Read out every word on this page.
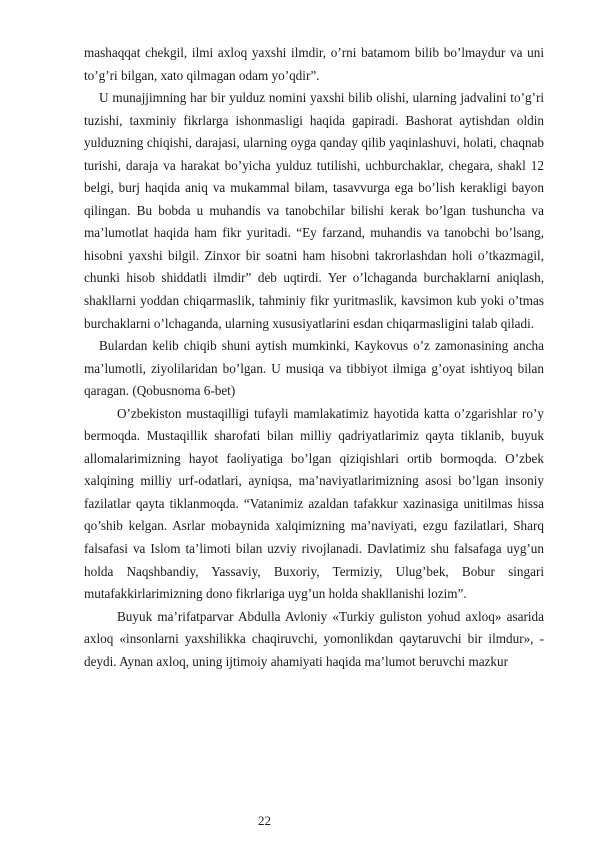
mashaqqat chekgil, ilmi axloq yaxshi ilmdir, o’rni batamom bilib bo’lmaydur va uni to’g’ri bilgan, xato qilmagan odam yo’qdir”.

U munajjimning har bir yulduz nomini yaxshi bilib olishi, ularning jadvalini to’g’ri tuzishi, taxminiy fikrlarga ishonmasligi haqida gapiradi. Bashorat aytishdan oldin yulduzning chiqishi, darajasi, ularning oyga qanday qilib yaqinlashuvi, holati, chaqnab turishi, daraja va harakat bo’yicha yulduz tutilishi, uchburchaklar, chegara, shakl 12 belgi, burj haqida aniq va mukammal bilam, tasavvurga ega bo’lish kerakligi bayon qilingan. Bu bobda u muhandis va tanobchilar bilishi kerak bo’lgan tushuncha va ma’lumotlat haqida ham fikr yuritadi. “Ey farzand, muhandis va tanobchi bo’lsang, hisobni yaxshi bilgil. Zinxor bir soatni ham hisobni takrorlashdan holi o’tkazmagil, chunki hisob shiddatli ilmdir” deb uqtirdi. Yer o’lchaganda burchaklarni aniqlash, shakllarni yoddan chiqarmaslik, tahminiy fikr yuritmaslik, kavsimon kub yoki o’tmas burchaklarni o’lchaganda, ularning xususiyatlarini esdan chiqarmasligini talab qiladi.

Bulardan kelib chiqib shuni aytish mumkinki, Kaykovus o’z zamonasining ancha ma’lumotli, ziyolilaridan bo’lgan. U musiqa va tibbiyot ilmiga g’oyat ishtiyoq bilan qaragan. (Qobusnoma 6-bet)

O’zbekiston mustaqilligi tufayli mamlakatimiz hayotida katta o’zgarishlar ro’y bermoqda. Mustaqillik sharofati bilan milliy qadriyatlarimiz qayta tiklanib, buyuk allomalarimizning hayot faoliyatiga bo’lgan qiziqishlari ortib bormoqda. O’zbek xalqining milliy urf-odatlari, ayniqsa, ma’naviyatlarimizning asosi bo’lgan insoniy fazilatlar qayta tiklanmoqda. “Vatanimiz azaldan tafakkur xazinasiga unitilmas hissa qo’shib kelgan. Asrlar mobaynida xalqimizning ma’naviyati, ezgu fazilatlari, Sharq falsafasi va Islom ta’limoti bilan uzviy rivojlanadi. Davlatimiz shu falsafaga uyg’un holda Naqshbandiy, Yassaviy, Buxoriy, Termiziy, Ulug’bek, Bobur singari mutafakkirlarimizning dono fikrlariga uyg’un holda shakllanishi lozim”.

Buyuk ma’rifatparvar Abdulla Avloniy «Turkiy guliston yohud axloq» asarida axloq «insonlarni yaxshilikka chaqiruvchi, yomonlikdan qaytaruvchi bir ilmdur», - deydi. Aynan axloq, uning ijtimoiy ahamiyati haqida ma’lumot beruvchi mazkur

22
